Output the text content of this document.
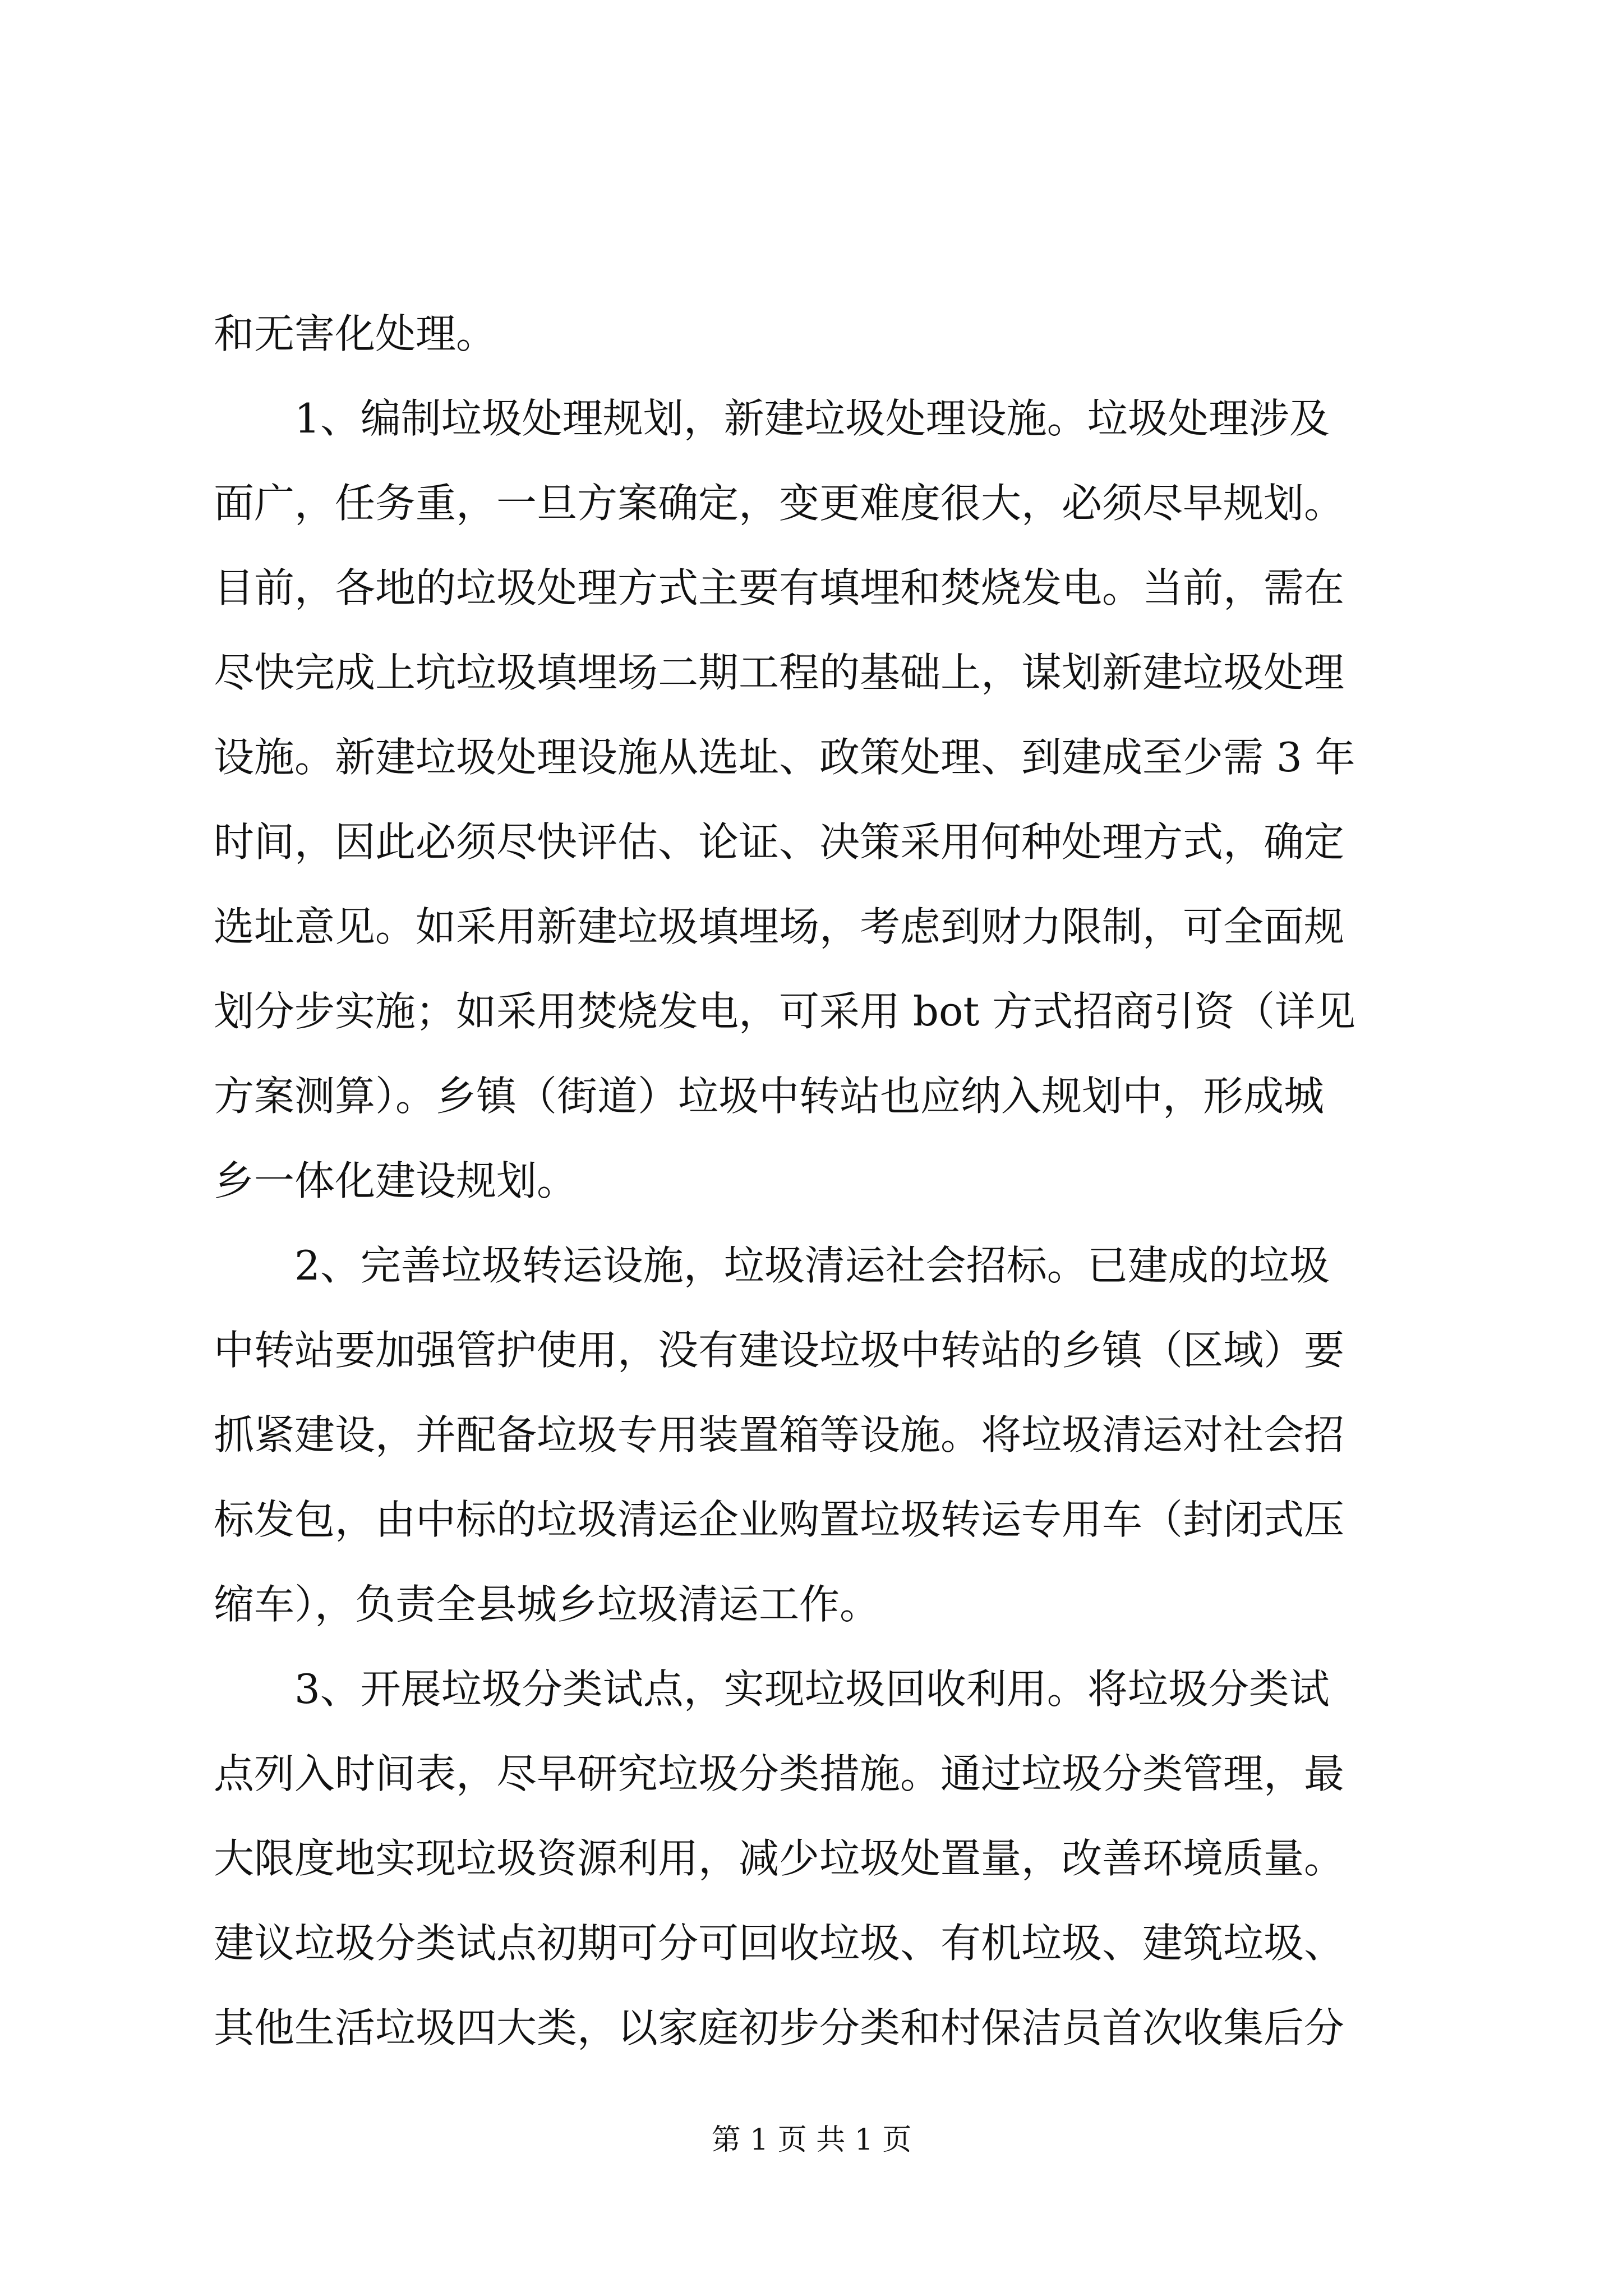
和无害化处理。
　　1、编制垃圾处理规划，新建垃圾处理设施。垃圾处理涉及
面广，任务重，一旦方案确定，变更难度很大，必须尽早规划。
目前，各地的垃圾处理方式主要有填埋和焚烧发电。当前，需在
尽快完成上坑垃圾填埋场二期工程的基础上，谋划新建垃圾处理
设施。新建垃圾处理设施从选址、政策处理、到建成至少需 3 年
时间，因此必须尽快评估、论证、决策采用何种处理方式，确定
选址意见。如采用新建垃圾填埋场，考虑到财力限制，可全面规
划分步实施；如采用焚烧发电，可采用 bot 方式招商引资（详见
方案测算）。乡镇（街道）垃圾中转站也应纳入规划中，形成城
乡一体化建设规划。
　　2、完善垃圾转运设施，垃圾清运社会招标。已建成的垃圾
中转站要加强管护使用，没有建设垃圾中转站的乡镇（区域）要
抓紧建设，并配备垃圾专用装置箱等设施。将垃圾清运对社会招
标发包，由中标的垃圾清运企业购置垃圾转运专用车（封闭式压
缩车），负责全县城乡垃圾清运工作。
　　3、开展垃圾分类试点，实现垃圾回收利用。将垃圾分类试
点列入时间表，尽早研究垃圾分类措施。通过垃圾分类管理，最
大限度地实现垃圾资源利用，减少垃圾处置量，改善环境质量。
建议垃圾分类试点初期可分可回收垃圾、有机垃圾、建筑垃圾、
其他生活垃圾四大类，以家庭初步分类和村保洁员首次收集后分
第 1 页 共 1 页
